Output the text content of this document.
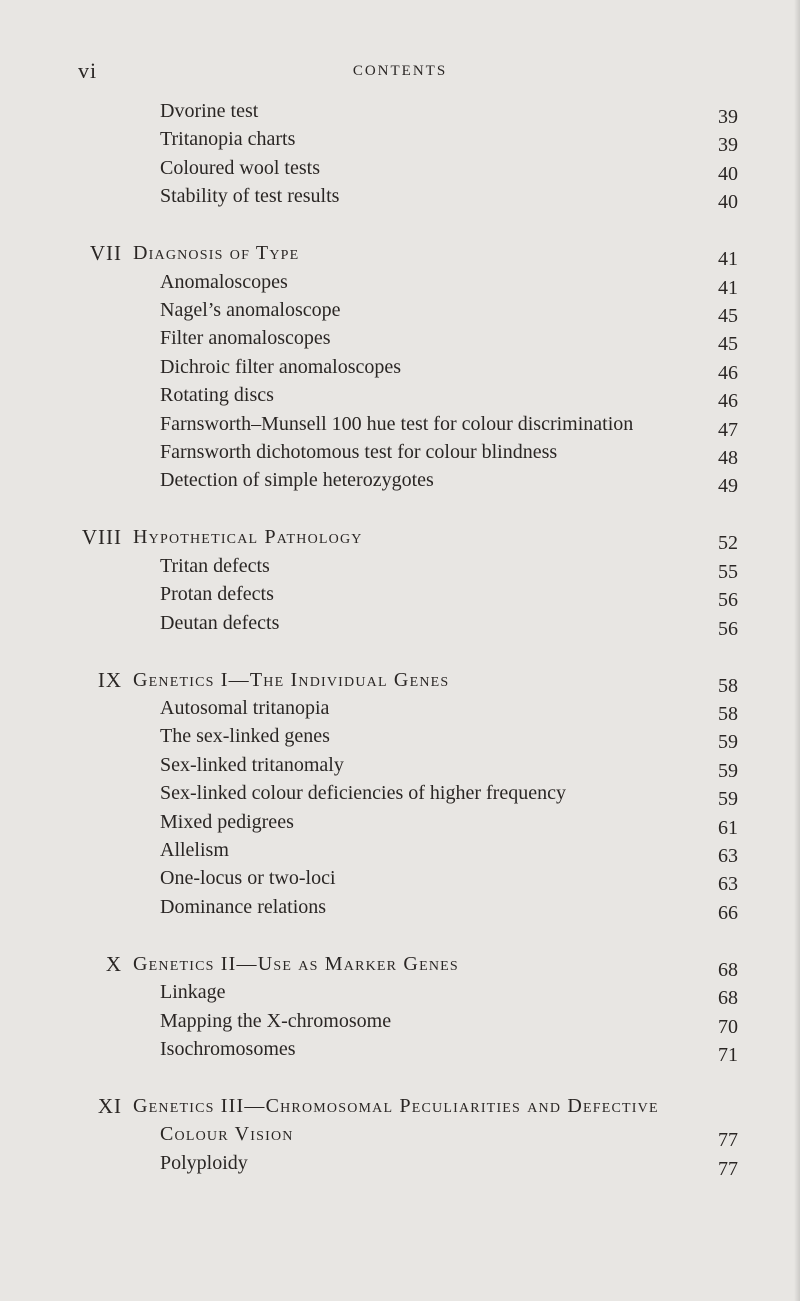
vi	CONTENTS
Dvorine test	39
Tritanopia charts	39
Coloured wool tests	40
Stability of test results	40
VII Diagnosis of Type	41
Anomaloscopes	41
Nagel’s anomaloscope	45
Filter anomaloscopes	45
Dichroic filter anomaloscopes	46
Rotating discs	46
Farnsworth–Munsell 100 hue test for colour discrimination	47
Farnsworth dichotomous test for colour blindness	48
Detection of simple heterozygotes	49
VIII Hypothetical Pathology	52
Tritan defects	55
Protan defects	56
Deutan defects	56
IX Genetics I—The Individual Genes	58
Autosomal tritanopia	58
The sex-linked genes	59
Sex-linked tritanomaly	59
Sex-linked colour deficiencies of higher frequency	59
Mixed pedigrees	61
Allelism	63
One-locus or two-loci	63
Dominance relations	66
X Genetics II—Use as Marker Genes	68
Linkage	68
Mapping the X-chromosome	70
Isochromosomes	71
XI Genetics III—Chromosomal Peculiarities and Defective
Colour Vision	77
Polyploidy	77
